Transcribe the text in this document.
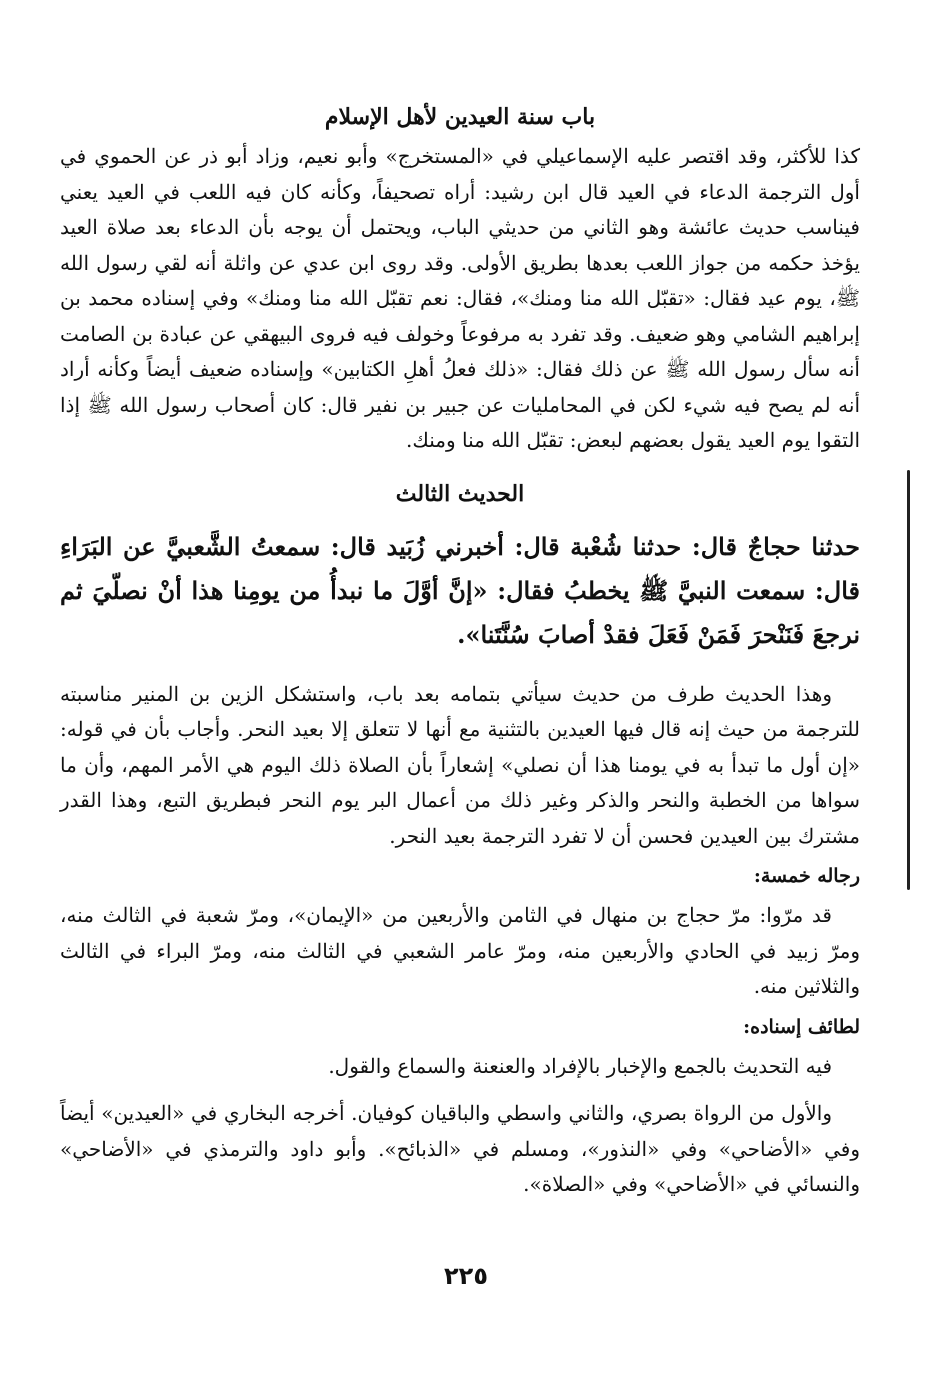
باب سنة العيدين لأهل الإسلام

كذا للأكثر، وقد اقتصر عليه الإسماعيلي في «المستخرج» وأبو نعيم، وزاد أبو ذر عن الحموي في أول الترجمة الدعاء في العيد قال ابن رشيد: أراه تصحيفاً، وكأنه كان فيه اللعب في العيد يعني فيناسب حديث عائشة وهو الثاني من حديثي الباب، ويحتمل أن يوجه بأن الدعاء بعد صلاة العيد يؤخذ حكمه من جواز اللعب بعدها بطريق الأولى. وقد روى ابن عدي عن واثلة أنه لقي رسول الله ﷺ، يوم عيد فقال: «تقبّل الله منا ومنك»، فقال: نعم تقبّل الله منا ومنك» وفي إسناده محمد بن إبراهيم الشامي وهو ضعيف. وقد تفرد به مرفوعاً وخولف فيه فروى البيهقي عن عبادة بن الصامت أنه سأل رسول الله ﷺ عن ذلك فقال: «ذلك فعلُ أهلِ الكتابين» وإسناده ضعيف أيضاً وكأنه أراد أنه لم يصح فيه شيء لكن في المحامليات عن جبير بن نفير قال: كان أصحاب رسول الله ﷺ إذا التقوا يوم العيد يقول بعضهم لبعض: تقبّل الله منا ومنك.

الحديث الثالث

حدثنا حجاجٌ قال: حدثنا شُعْبة قال: أخبرني زُبَيد قال: سمعتُ الشَّعبيَّ عن البَرَاءِ قال: سمعت النبيَّ ﷺ يخطبُ فقال: «إنَّ أوَّلَ ما نبدأُ من يومِنا هذا أنْ نصلّيَ ثم نرجعَ فَنَنْحرَ فَمَنْ فَعَلَ فقدْ أصابَ سُنَّتَنا».

وهذا الحديث طرف من حديث سيأتي بتمامه بعد باب، واستشكل الزين بن المنير مناسبته للترجمة من حيث إنه قال فيها العيدين بالتثنية مع أنها لا تتعلق إلا بعيد النحر. وأجاب بأن في قوله: «إن أول ما تبدأ به في يومنا هذا أن نصلي» إشعاراً بأن الصلاة ذلك اليوم هي الأمر المهم، وأن ما سواها من الخطبة والنحر والذكر وغير ذلك من أعمال البر يوم النحر فبطريق التبع، وهذا القدر مشترك بين العيدين فحسن أن لا تفرد الترجمة بعيد النحر.

رجاله خمسة:

قد مرّوا: مرّ حجاج بن منهال في الثامن والأربعين من «الإيمان»، ومرّ شعبة في الثالث منه، ومرّ زبيد في الحادي والأربعين منه، ومرّ عامر الشعبي في الثالث منه، ومرّ البراء في الثالث والثلاثين منه.

لطائف إسناده:

فيه التحديث بالجمع والإخبار بالإفراد والعنعنة والسماع والقول.

والأول من الرواة بصري، والثاني واسطي والباقيان كوفيان. أخرجه البخاري في «العيدين» أيضاً وفي «الأضاحي» وفي «النذور»، ومسلم في «الذبائح». وأبو داود والترمذي في «الأضاحي» والنسائي في «الأضاحي» وفي «الصلاة».

٢٢٥
